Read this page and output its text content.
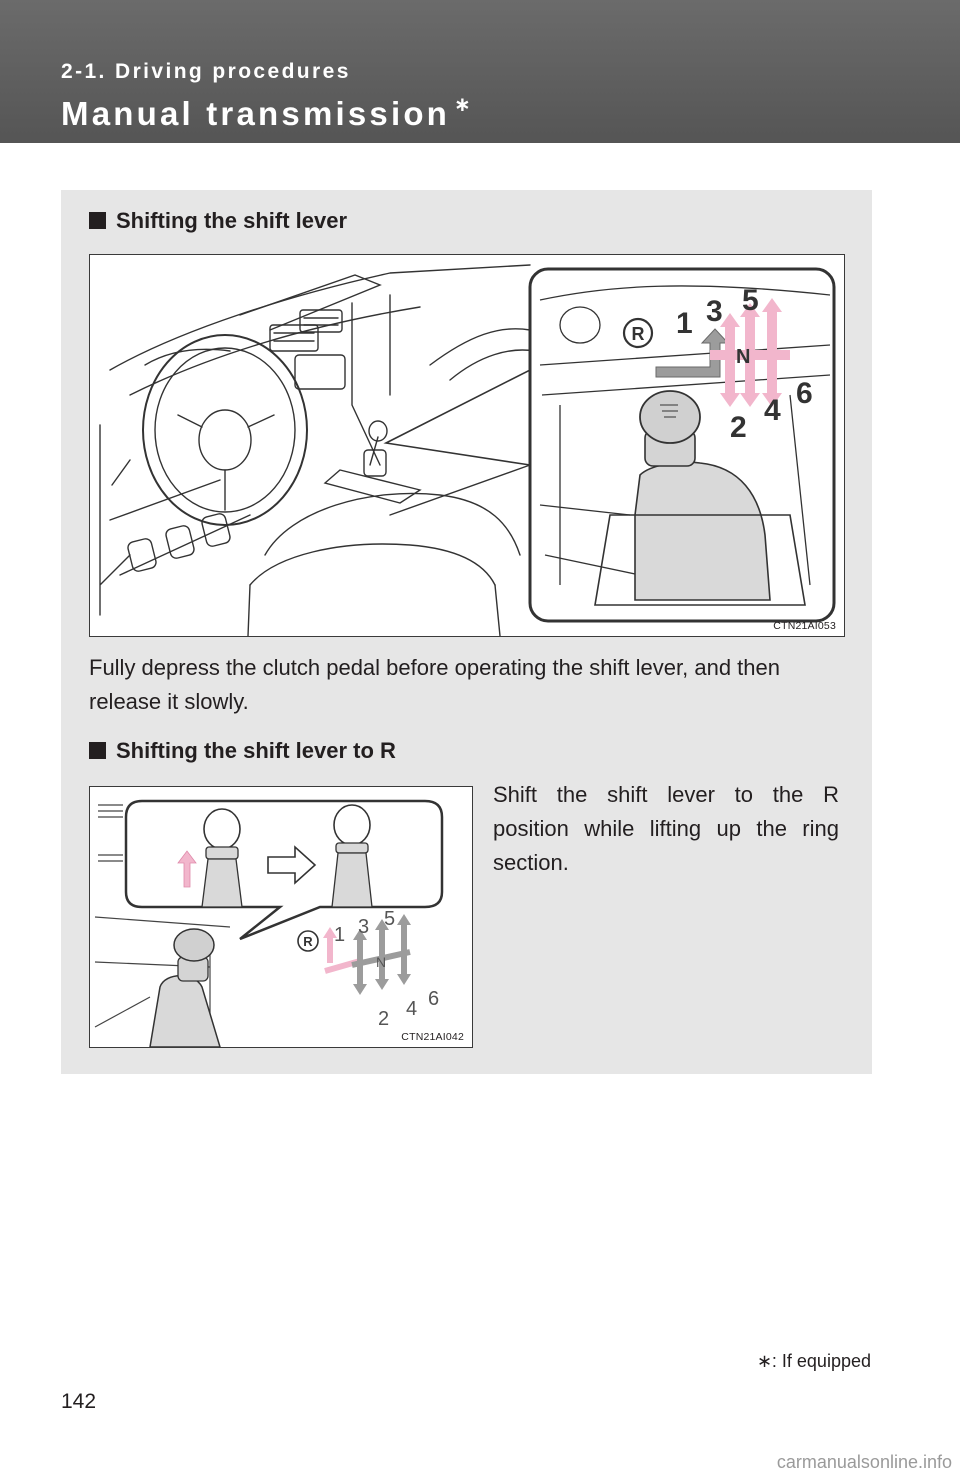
2-1. Driving procedures
Manual transmission ∗
Shifting the shift lever
R 1 3 5
N
2
4
6
CTN21AI053
Fully depress the clutch pedal before operating the shift lever, and then release it slowly.
Shifting the shift lever to R
R 1 3 5
N
2 4 6
CTN21AI042
Shift the shift lever to the R position while lifting up the ring section.
∗: If equipped
142
carmanualsonline.info
